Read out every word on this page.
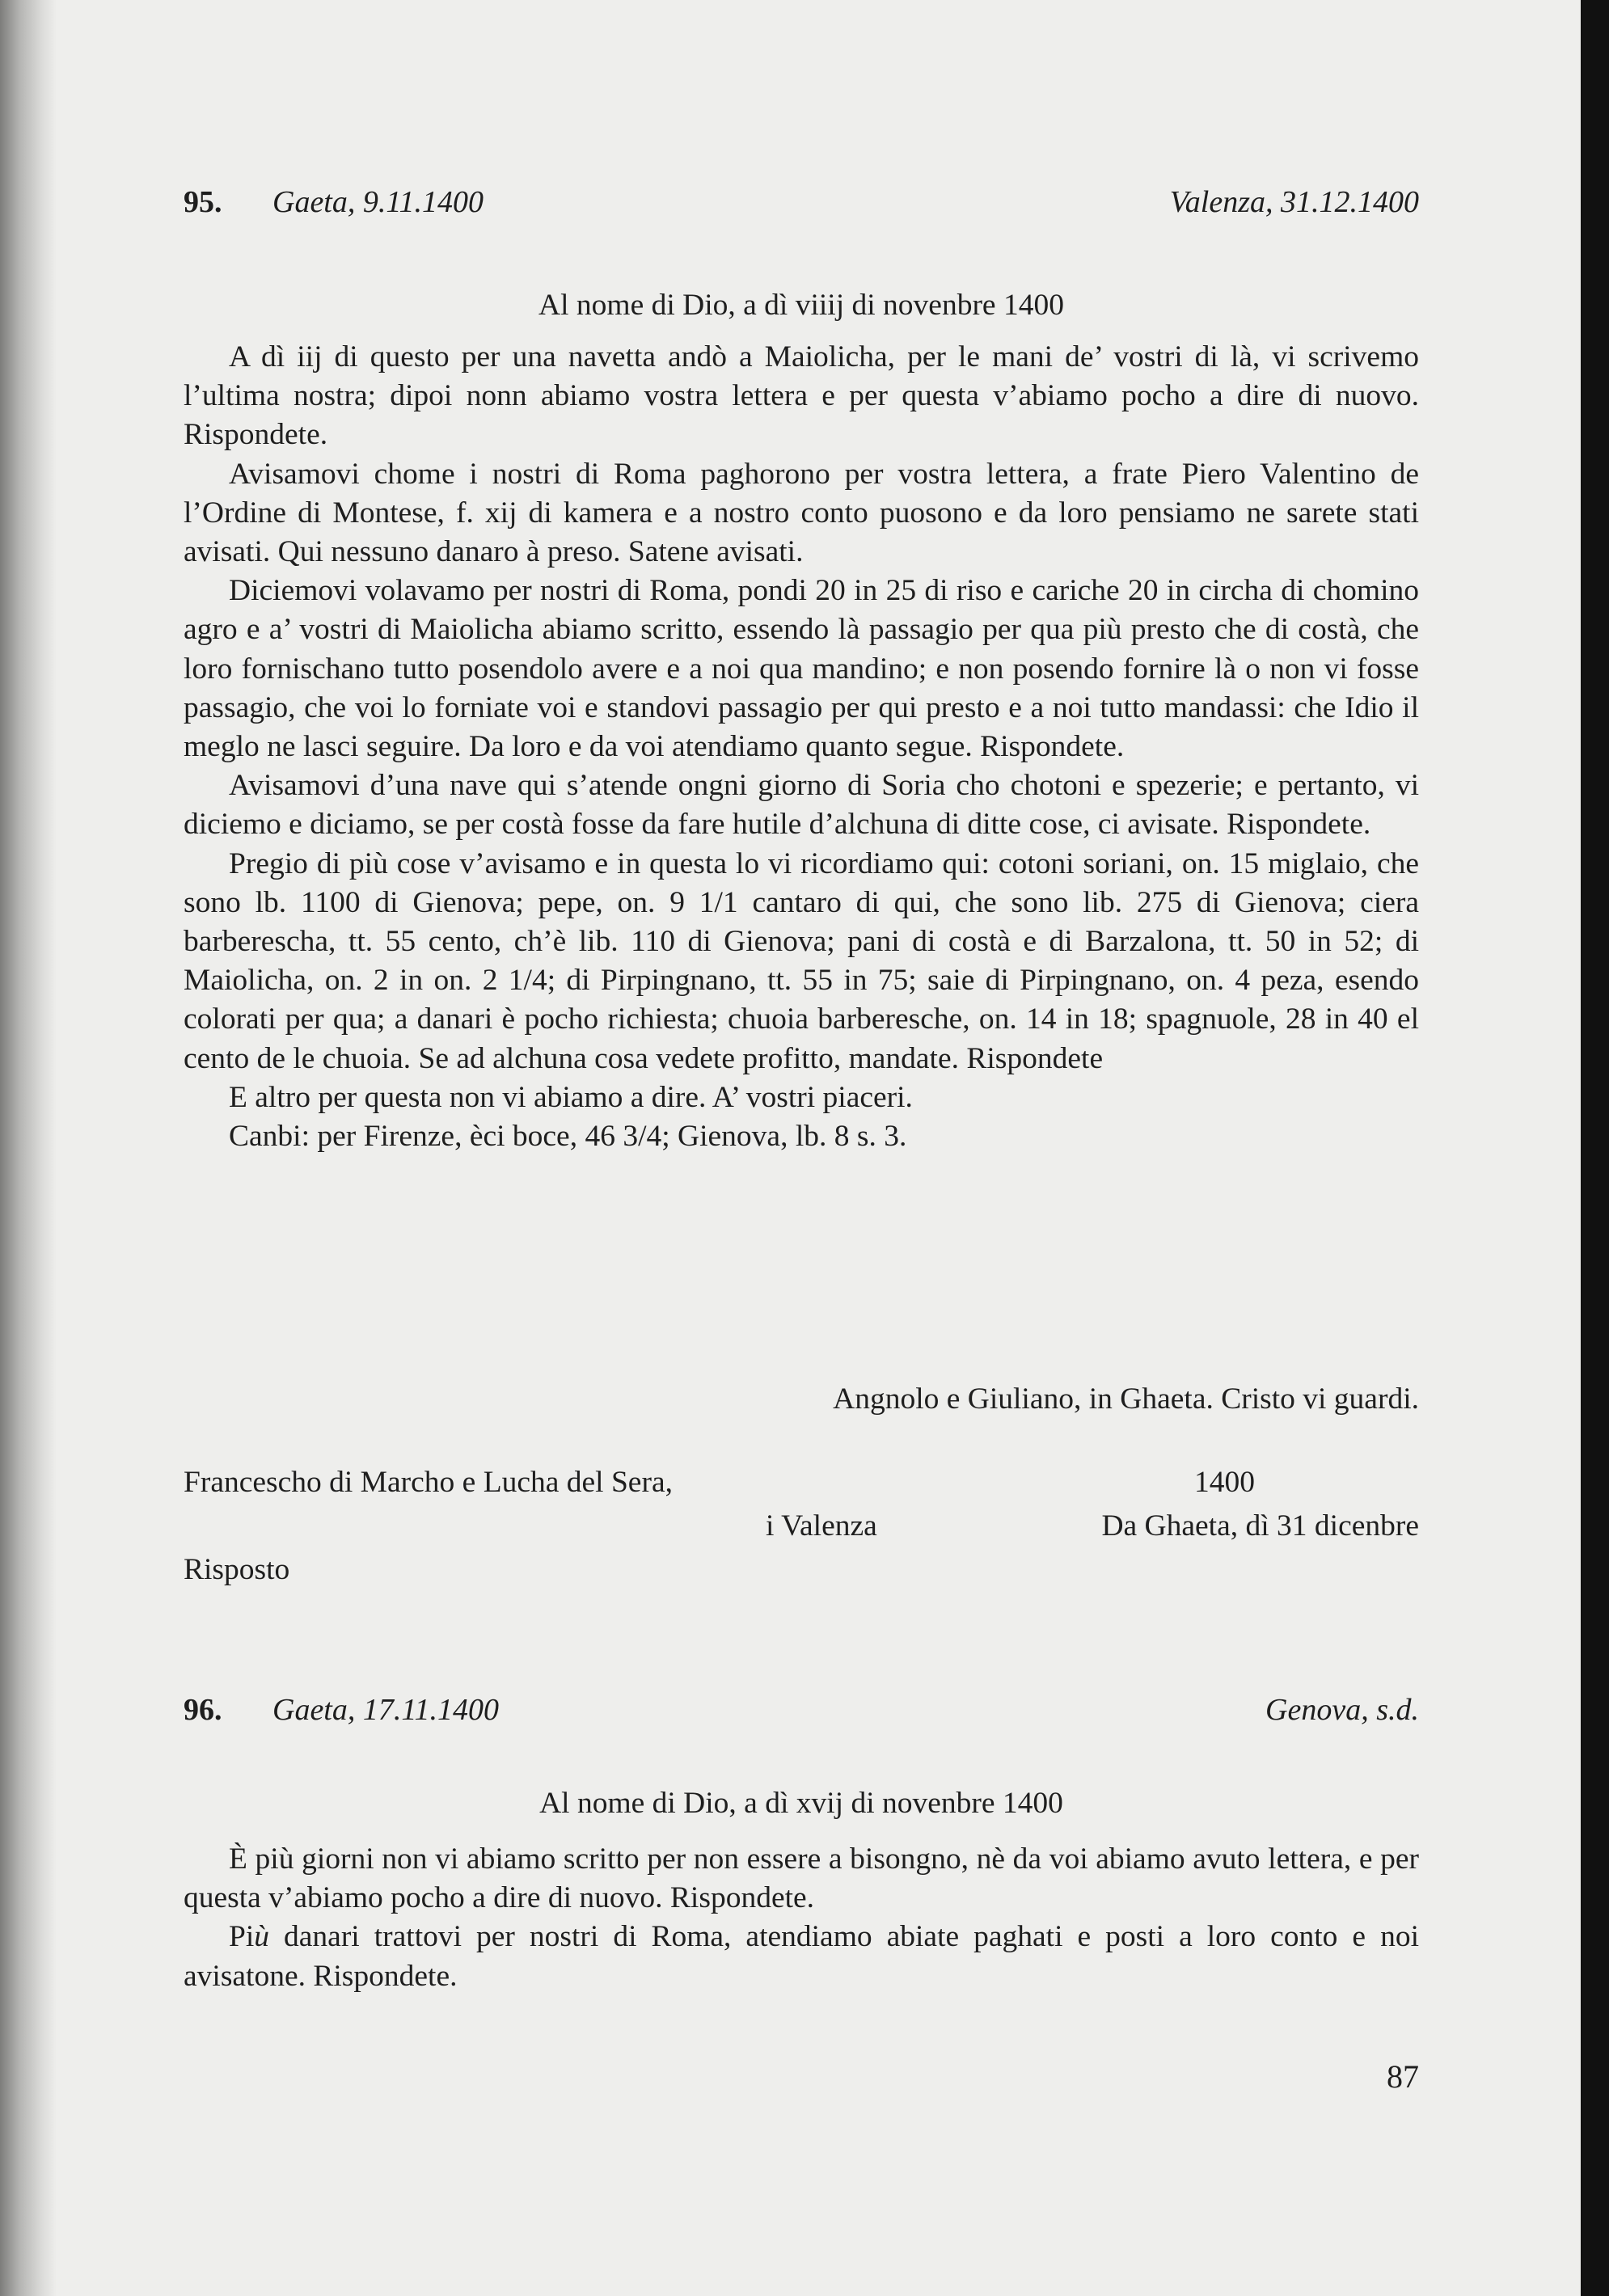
95. Gaeta, 9.11.1400	Valenza, 31.12.1400
Al nome di Dio, a dì viiij di novenbre 1400

A dì iij di questo per una navetta andò a Maiolicha, per le mani de’ vostri di là, vi scrivemo l’ultima nostra; dipoi nonn abiamo vostra lettera e per questa v’abiamo pocho a dire di nuovo. Rispondete.

Avisamovi chome i nostri di Roma paghorono per vostra lettera, a frate Piero Valentino de l’Ordine di Montese, f. xij di kamera e a nostro conto puosono e da loro pensiamo ne sarete stati avisati. Qui nessuno danaro à preso. Satene avisati.

Diciemovi volavamo per nostri di Roma, pondi 20 in 25 di riso e cariche 20 in circha di chomino agro e a’ vostri di Maiolicha abiamo scritto, essendo là passagio per qua più presto che di costà, che loro fornischano tutto posendolo avere e a noi qua mandino; e non posendo fornire là o non vi fosse passagio, che voi lo forniate voi e standovi passagio per qui presto e a noi tutto mandassi: che Idio il meglo ne lasci seguire. Da loro e da voi atendiamo quanto segue. Rispondete.

Avisamovi d’una nave qui s’atende ongni giorno di Soria cho chotoni e spezerie; e pertanto, vi diciemo e diciamo, se per costà fosse da fare hutile d’alchuna di ditte cose, ci avisate. Rispondete.

Pregio di più cose v’avisamo e in questa lo vi ricordiamo qui: cotoni soriani, on. 15 miglaio, che sono lb. 1100 di Gienova; pepe, on. 9 1/1 cantaro di qui, che sono lib. 275 di Gienova; ciera barberescha, tt. 55 cento, ch’è lib. 110 di Gienova; pani di costà e di Barzalona, tt. 50 in 52; di Maiolicha, on. 2 in on. 2 1/4; di Pirpingnano, tt. 55 in 75; saie di Pirpingnano, on. 4 peza, esendo colorati per qua; a danari è pocho richiesta; chuoia barberesche, on. 14 in 18; spagnuole, 28 in 40 el cento de le chuoia. Se ad alchuna cosa vedete profitto, mandate. Rispondete

E altro per questa non vi abiamo a dire. A’ vostri piaceri.

Canbi: per Firenze, èci boce, 46 3/4; Gienova, lb. 8 s. 3.

Angnolo e Giuliano, in Ghaeta. Cristo vi guardi.
Francescho di Marcho e Lucha del Sera,	1400
i Valenza	Da Ghaeta, dì 31 dicenbre
Risposto
96. Gaeta, 17.11.1400	Genova, s.d.
Al nome di Dio, a dì xvij di novenbre 1400

È più giorni non vi abiamo scritto per non essere a bisongno, nè da voi abiamo avuto lettera, e per questa v’abiamo pocho a dire di nuovo. Rispondete.

Più danari trattovi per nostri di Roma, atendiamo abiate paghati e posti a loro conto e noi avisatone. Rispondete.

87
